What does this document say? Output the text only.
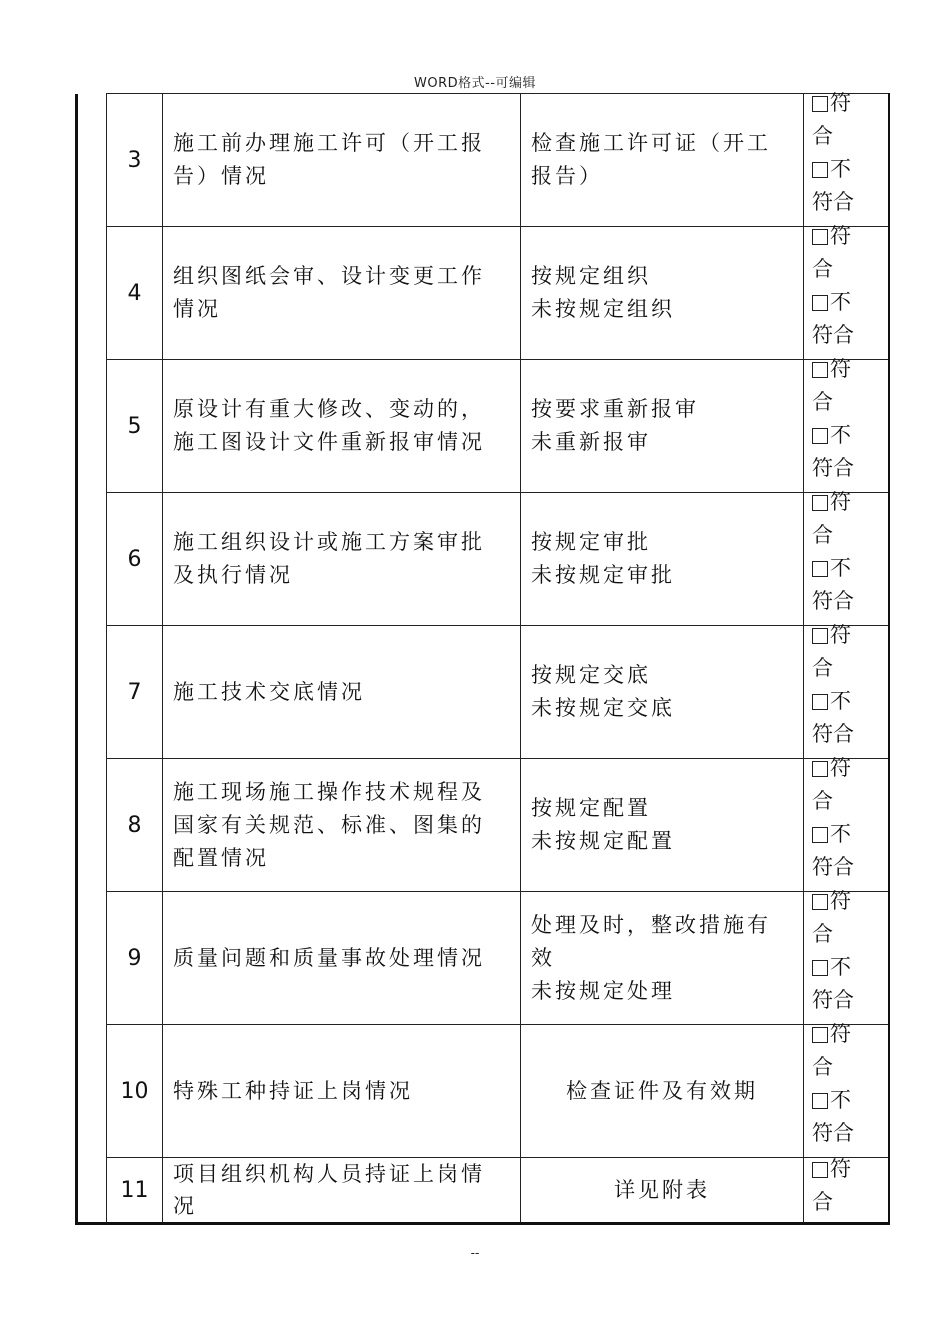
WORD格式--可编辑
	3	施工前办理施工许可（开工报
告）情况	检查施工许可证（开工
报告）	符
合
不
符合

	4	组织图纸会审、设计变更工作
情况	按规定组织
未按规定组织	符
合
不
符合

	5	原设计有重大修改、变动的，
施工图设计文件重新报审情况	按要求重新报审
未重新报审	符
合
不
符合

	6	施工组织设计或施工方案审批
及执行情况	按规定审批
未按规定审批	符
合
不
符合

	7	施工技术交底情况	按规定交底
未按规定交底	符
合
不
符合

	8	施工现场施工操作技术规程及
国家有关规范、标准、图集的
配置情况	按规定配置
未按规定配置	符
合
不
符合

	9	质量问题和质量事故处理情况	处理及时，整改措施有
效
未按规定处理	符
合
不
符合

	10	特殊工种持证上岗情况	检查证件及有效期	符
合
不
符合

	11	项目组织机构人员持证上岗情
况	详见附表	符
合
--
